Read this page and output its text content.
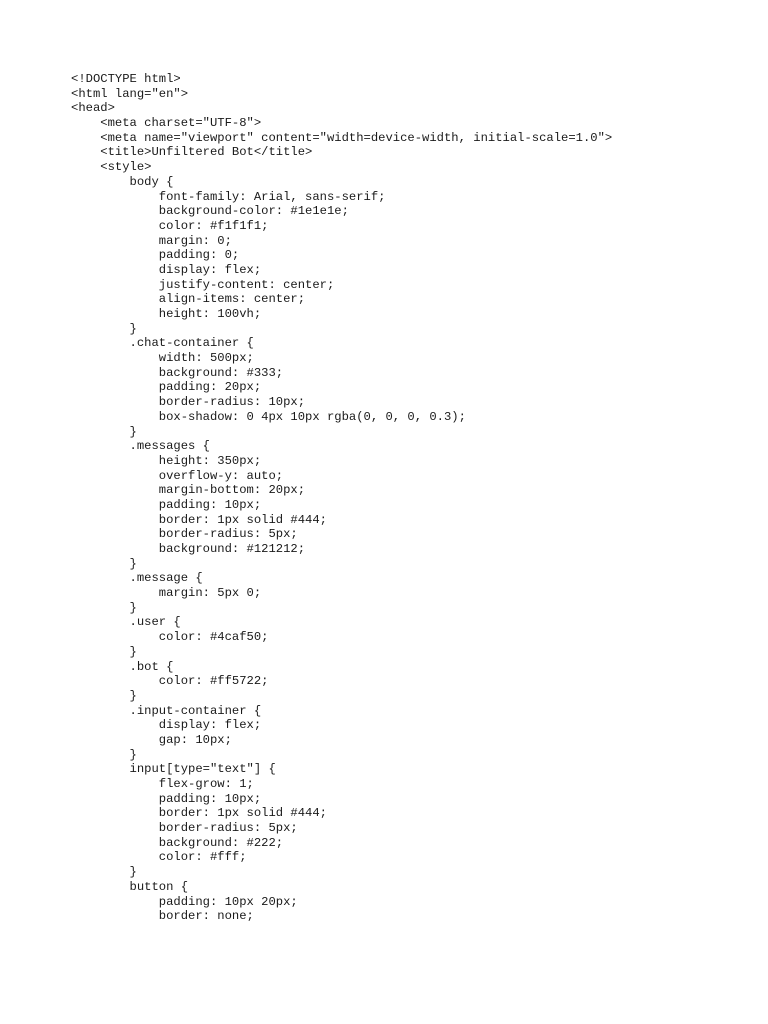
<!DOCTYPE html>
<html lang="en">
<head>
<meta charset="UTF-8">
<meta name="viewport" content="width=device-width, initial-scale=1.0">
<title>Unfiltered Bot</title>
<style>
body {
font-family: Arial, sans-serif;
background-color: #1e1e1e;
color: #f1f1f1;
margin: 0;
padding: 0;
display: flex;
justify-content: center;
align-items: center;
height: 100vh;
}
.chat-container {
width: 500px;
background: #333;
padding: 20px;
border-radius: 10px;
box-shadow: 0 4px 10px rgba(0, 0, 0, 0.3);
}
.messages {
height: 350px;
overflow-y: auto;
margin-bottom: 20px;
padding: 10px;
border: 1px solid #444;
border-radius: 5px;
background: #121212;
}
.message {
margin: 5px 0;
}
.user {
color: #4caf50;
}
.bot {
color: #ff5722;
}
.input-container {
display: flex;
gap: 10px;
}
input[type="text"] {
flex-grow: 1;
padding: 10px;
border: 1px solid #444;
border-radius: 5px;
background: #222;
color: #fff;
}
button {
padding: 10px 20px;
border: none;
